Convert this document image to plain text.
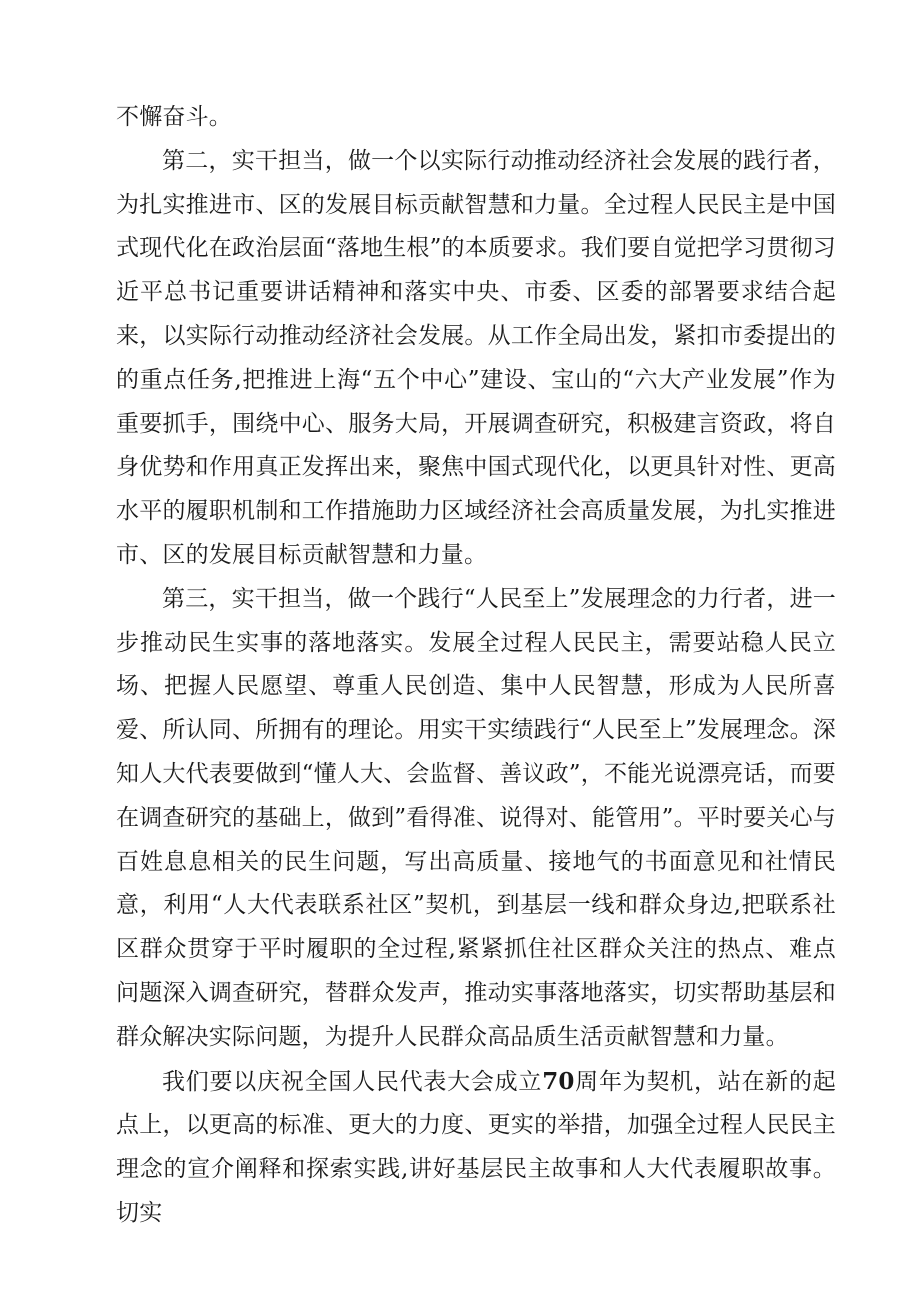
不懈奋斗。

第二，实干担当，做一个以实际行动推动经济社会发展的践行者，为扎实推进市、区的发展目标贡献智慧和力量。全过程人民民主是中国式现代化在政治层面“落地生根”的本质要求。我们要自觉把学习贯彻习近平总书记重要讲话精神和落实中央、市委、区委的部署要求结合起来，以实际行动推动经济社会发展。从工作全局出发，紧扣市委提出的的重点任务,把推进上海“五个中心”建设、宝山的“六大产业发展”作为重要抓手，围绕中心、服务大局，开展调查研究，积极建言资政，将自身优势和作用真正发挥出来，聚焦中国式现代化，以更具针对性、更高水平的履职机制和工作措施助力区域经济社会高质量发展，为扎实推进市、区的发展目标贡献智慧和力量。

第三，实干担当，做一个践行“人民至上”发展理念的力行者，进一步推动民生实事的落地落实。发展全过程人民民主，需要站稳人民立场、把握人民愿望、尊重人民创造、集中人民智慧，形成为人民所喜爱、所认同、所拥有的理论。用实干实绩践行“人民至上”发展理念。深知人大代表要做到“懂人大、会监督、善议政”，不能光说漂亮话，而要在调查研究的基础上，做到”看得准、说得对、能管用”。平时要关心与百姓息息相关的民生问题，写出高质量、接地气的书面意见和社情民意，利用“人大代表联系社区”契机，到基层一线和群众身边,把联系社区群众贯穿于平时履职的全过程,紧紧抓住社区群众关注的热点、难点问题深入调查研究，替群众发声，推动实事落地落实，切实帮助基层和群众解决实际问题，为提升人民群众高品质生活贡献智慧和力量。

我们要以庆祝全国人民代表大会成立70周年为契机，站在新的起点上，以更高的标准、更大的力度、更实的举措，加强全过程人民民主理念的宣介阐释和探索实践,讲好基层民主故事和人大代表履职故事。切实
